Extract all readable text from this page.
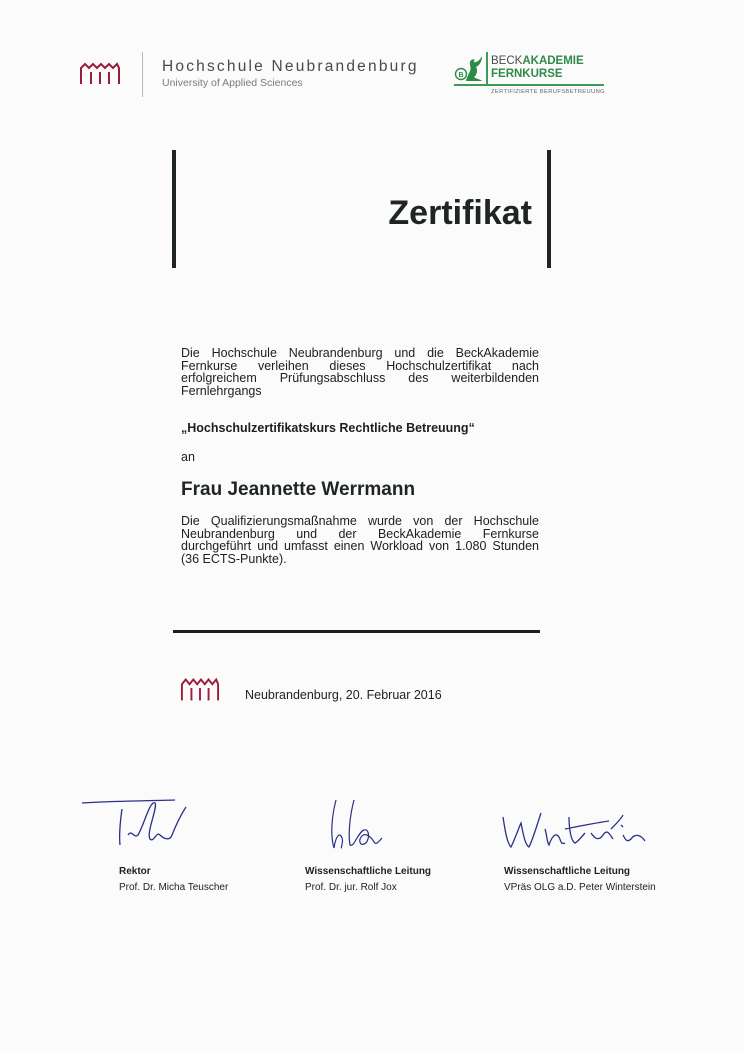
Hochschule Neubrandenburg
University of Applied Sciences
B
BECKAKADEMIE
FERNKURSE
ZERTIFIZIERTE BERUFSBETREUUNG
Zertifikat
Die Hochschule Neubrandenburg und die BeckAkademie Fernkurse verleihen dieses Hochschulzertifikat nach erfolgreichem Prüfungsabschluss des weiterbildenden Fernlehrgangs
„Hochschulzertifikatskurs Rechtliche Betreuung“
an
Frau Jeannette Werrmann
Die Qualifizierungsmaßnahme wurde von der Hochschule Neubrandenburg und der BeckAkademie Fernkurse durchgeführt und umfasst einen Workload von 1.080 Stunden (36 ECTS-Punkte).
Neubrandenburg, 20. Februar 2016
Rektor
Prof. Dr. Micha Teuscher
Wissenschaftliche Leitung
Prof. Dr. jur. Rolf Jox
Wissenschaftliche Leitung
VPräs OLG a.D. Peter Winterstein
